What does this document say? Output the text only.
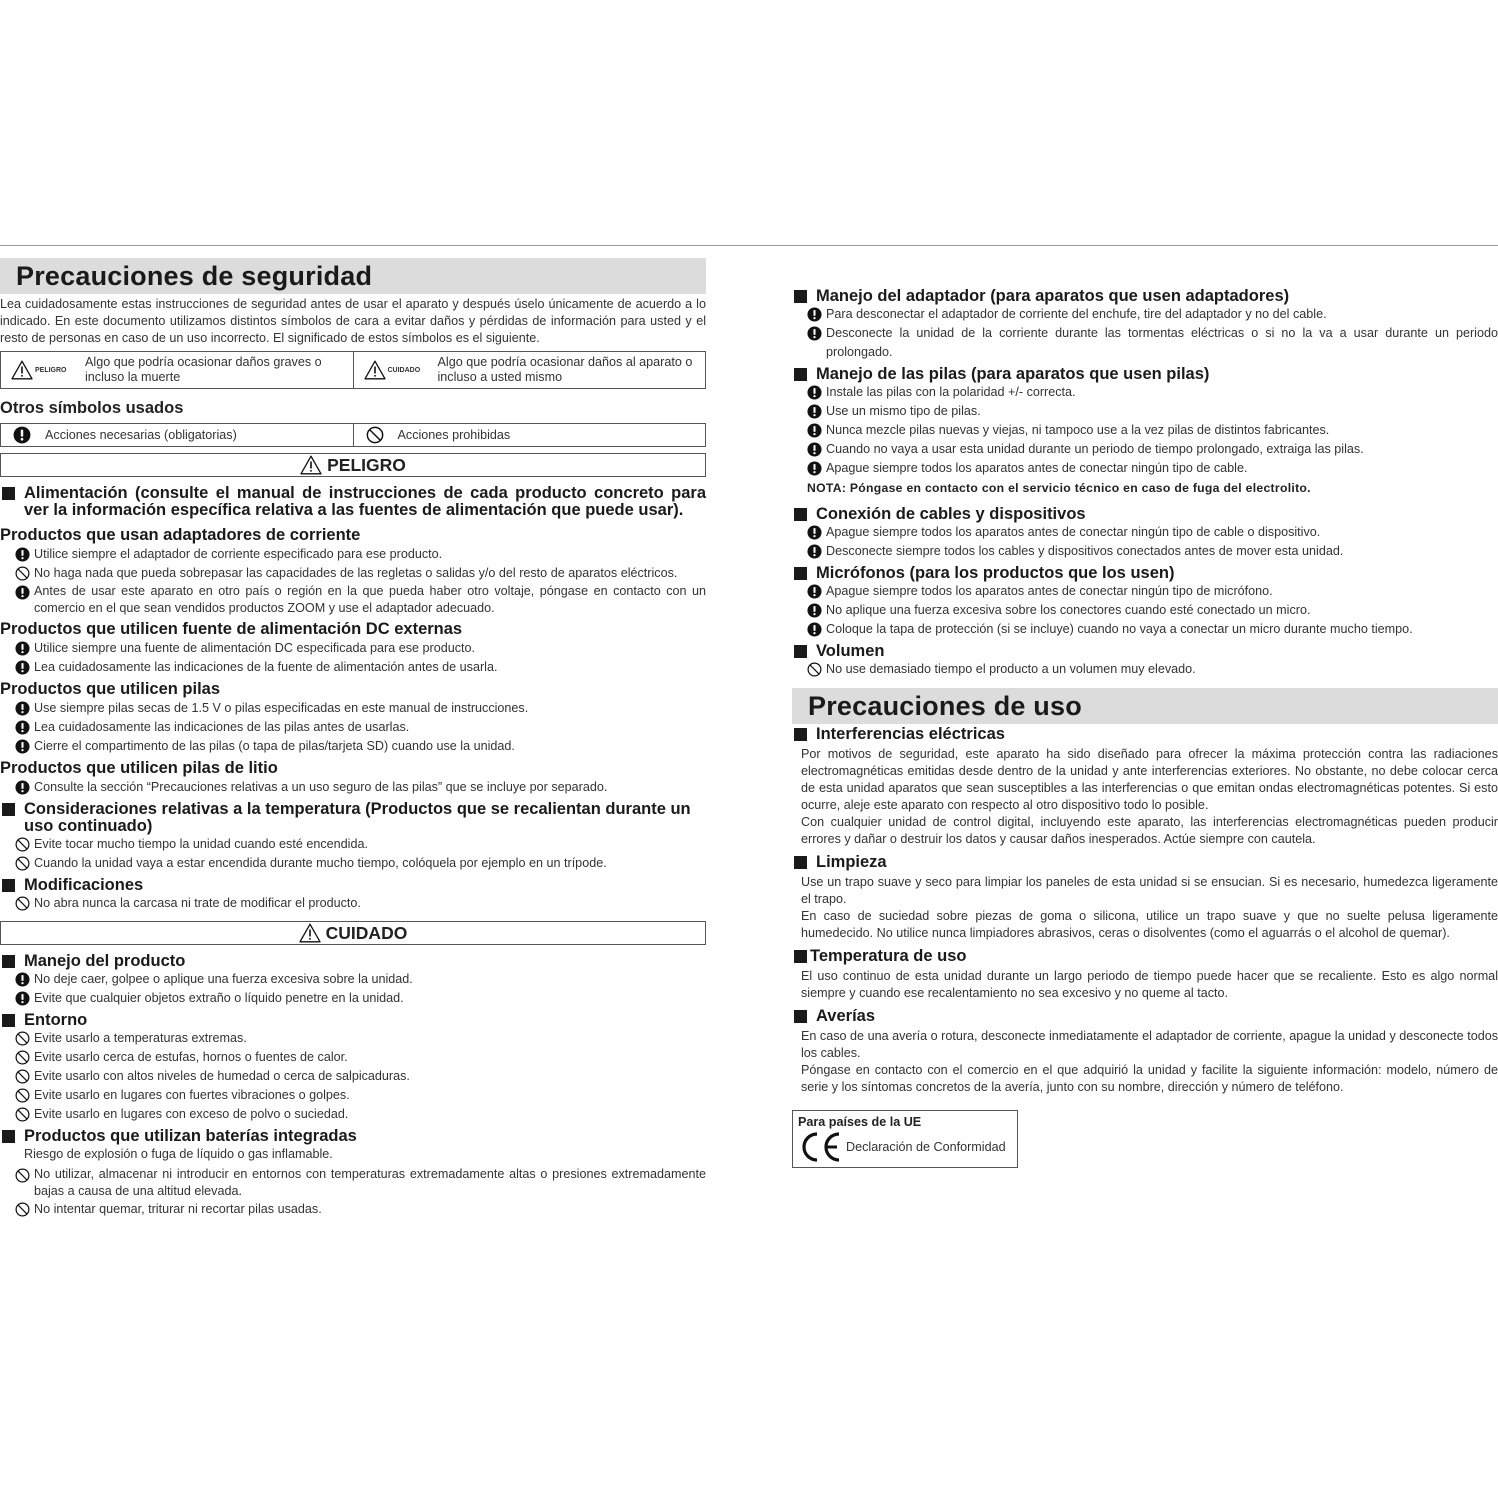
Precauciones de seguridad
Lea cuidadosamente estas instrucciones de seguridad antes de usar el aparato y después úselo únicamente de acuerdo a lo indicado. En este documento utilizamos distintos símbolos de cara a evitar daños y pérdidas de información para usted y el resto de personas en caso de un uso incorrecto. El significado de estos símbolos es el siguiente.
PELIGRO
Algo que podría ocasionar daños graves o incluso la muerte	CUIDADO
Algo que podría ocasionar daños al aparato o incluso a usted mismo
Otros símbolos usados
Acciones necesarias (obligatorias)	Acciones prohibidas
PELIGRO
Alimentación (consulte el manual de instrucciones de cada producto concreto para ver la información específica relativa a las fuentes de alimentación que puede usar).
Productos que usan adaptadores de corriente
Utilice siempre el adaptador de corriente especificado para ese producto.
No haga nada que pueda sobrepasar las capacidades de las regletas o salidas y/o del resto de aparatos eléctricos.
Antes de usar este aparato en otro país o región en la que pueda haber otro voltaje, póngase en contacto con un comercio en el que sean vendidos productos ZOOM y use el adaptador adecuado.
Productos que utilicen fuente de alimentación DC externas
Utilice siempre una fuente de alimentación DC especificada para ese producto.
Lea cuidadosamente las indicaciones de la fuente de alimentación antes de usarla.
Productos que utilicen pilas
Use siempre pilas secas de 1.5 V o pilas especificadas en este manual de instrucciones.
Lea cuidadosamente las indicaciones de las pilas antes de usarlas.
Cierre el compartimento de las pilas (o tapa de pilas/tarjeta SD) cuando use la unidad.
Productos que utilicen pilas de litio
Consulte la sección “Precauciones relativas a un uso seguro de las pilas” que se incluye por separado.
Consideraciones relativas a la temperatura (Productos que se recalientan durante un uso continuado)
Evite tocar mucho tiempo la unidad cuando esté encendida.
Cuando la unidad vaya a estar encendida durante mucho tiempo, colóquela por ejemplo en un trípode.
Modificaciones
No abra nunca la carcasa ni trate de modificar el producto.
CUIDADO
Manejo del producto
No deje caer, golpee o aplique una fuerza excesiva sobre la unidad.
Evite que cualquier objetos extraño o líquido penetre en la unidad.
Entorno
Evite usarlo a temperaturas extremas.
Evite usarlo cerca de estufas, hornos o fuentes de calor.
Evite usarlo con altos niveles de humedad o cerca de salpicaduras.
Evite usarlo en lugares con fuertes vibraciones o golpes.
Evite usarlo en lugares con exceso de polvo o suciedad.
Productos que utilizan baterías integradas
Riesgo de explosión o fuga de líquido o gas inflamable.
No utilizar, almacenar ni introducir en entornos con temperaturas extremadamente altas o presiones extremadamente bajas a causa de una altitud elevada.
No intentar quemar, triturar ni recortar pilas usadas.
Manejo del adaptador (para aparatos que usen adaptadores)
Para desconectar el adaptador de corriente del enchufe, tire del adaptador y no del cable.
Desconecte la unidad de la corriente durante las tormentas eléctricas o si no la va a usar durante un periodo prolongado.
Manejo de las pilas (para aparatos que usen pilas)
Instale las pilas con la polaridad +/- correcta.
Use un mismo tipo de pilas.
Nunca mezcle pilas nuevas y viejas, ni tampoco use a la vez pilas de distintos fabricantes.
Cuando no vaya a usar esta unidad durante un periodo de tiempo prolongado, extraiga las pilas.
Apague siempre todos los aparatos antes de conectar ningún tipo de cable.
NOTA: Póngase en contacto con el servicio técnico en caso de fuga del electrolito.
Conexión de cables y dispositivos
Apague siempre todos los aparatos antes de conectar ningún tipo de cable o dispositivo.
Desconecte siempre todos los cables y dispositivos conectados antes de mover esta unidad.
Micrófonos (para los productos que los usen)
Apague siempre todos los aparatos antes de conectar ningún tipo de micrófono.
No aplique una fuerza excesiva sobre los conectores cuando esté conectado un micro.
Coloque la tapa de protección (si se incluye) cuando no vaya a conectar un micro durante mucho tiempo.
Volumen
No use demasiado tiempo el producto a un volumen muy elevado.
Precauciones de uso
Interferencias eléctricas
Por motivos de seguridad, este aparato ha sido diseñado para ofrecer la máxima protección contra las radiaciones electromagnéticas emitidas desde dentro de la unidad y ante interferencias exteriores. No obstante, no debe colocar cerca de esta unidad aparatos que sean susceptibles a las interferencias o que emitan ondas electromagnéticas potentes. Si esto ocurre, aleje este aparato con respecto al otro dispositivo todo lo posible.
Con cualquier unidad de control digital, incluyendo este aparato, las interferencias electromagnéticas pueden producir errores y dañar o destruir los datos y causar daños inesperados. Actúe siempre con cautela.
Limpieza
Use un trapo suave y seco para limpiar los paneles de esta unidad si se ensucian. Si es necesario, humedezca ligeramente el trapo.
En caso de suciedad sobre piezas de goma o silicona, utilice un trapo suave y que no suelte pelusa ligeramente humedecido. No utilice nunca limpiadores abrasivos, ceras o disolventes (como el aguarrás o el alcohol de quemar).
Temperatura de uso
El uso continuo de esta unidad durante un largo periodo de tiempo puede hacer que se recaliente. Esto es algo normal siempre y cuando ese recalentamiento no sea excesivo y no queme al tacto.
Averías
En caso de una avería o rotura, desconecte inmediatamente el adaptador de corriente, apague la unidad y desconecte todos los cables.
Póngase en contacto con el comercio en el que adquirió la unidad y facilite la siguiente información: modelo, número de serie y los síntomas concretos de la avería, junto con su nombre, dirección y número de teléfono.
Para países de la UE
Declaración de Conformidad
